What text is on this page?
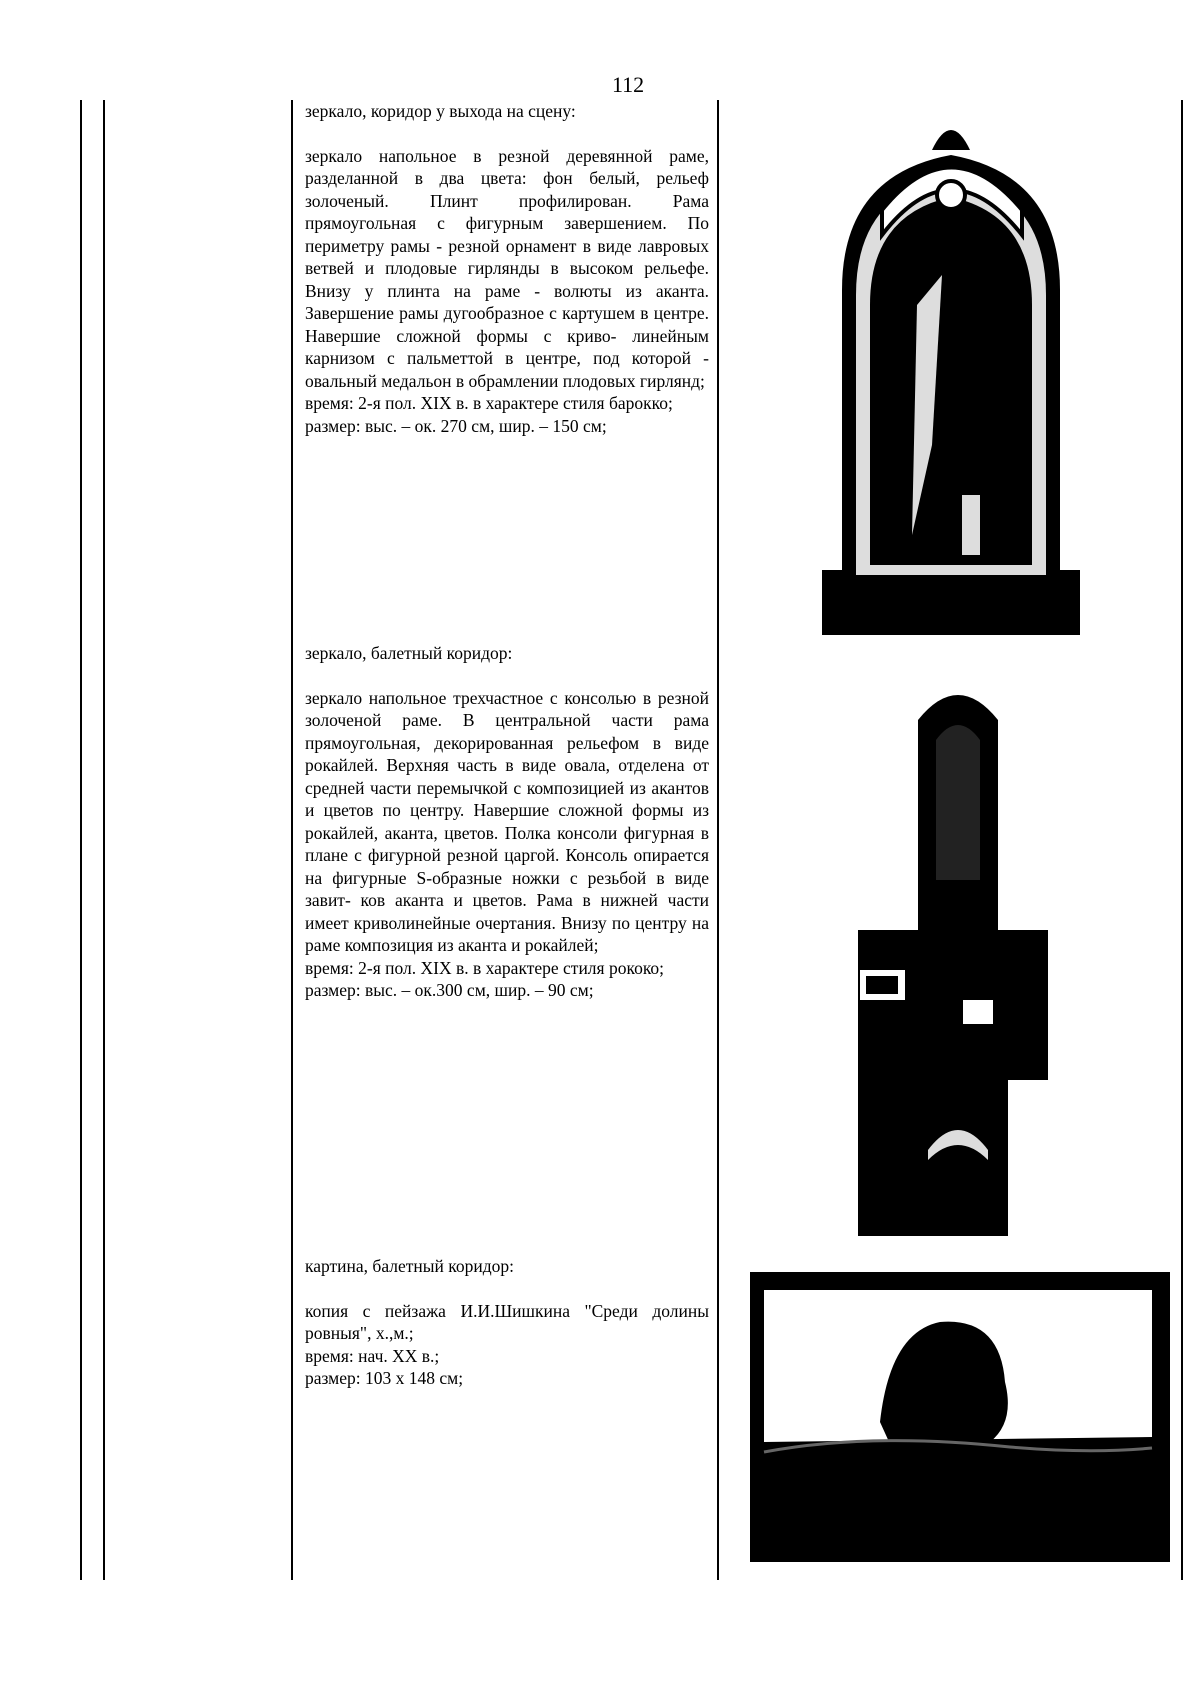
112

зеркало, коридор у выхода на сцену:

зеркало напольное в резной деревянной раме, разделанной в два цвета: фон белый, рельеф золоченый. Плинт профилирован. Рама прямоугольная с фигурным завершением. По периметру рамы - резной орнамент в виде лавровых ветвей и плодовые гирлянды в высоком рельефе. Внизу у плинта на раме - волюты из аканта. Завершение рамы дугообразное с картушем в центре. Навершие сложной формы с криво- линейным карнизом с пальметтой в центре, под которой - овальный медальон в обрамлении плодовых гирлянд;
время: 2-я пол. XIX в. в характере стиля барокко;
размер: выс. – ок. 270 см, шир. – 150 см;

зеркало, балетный коридор:

зеркало напольное трехчастное с консолью в резной золоченой раме. В центральной части рама прямоугольная, декорированная рельефом в виде рокайлей. Верхняя часть в виде овала, отделена от средней части перемычкой с композицией из акантов и цветов по центру. Навершие сложной формы из рокайлей, аканта, цветов. Полка консоли фигурная в плане с фигурной резной царгой. Консоль опирается на фигурные S-образные ножки с резьбой в виде завит- ков аканта и цветов. Рама в нижней части имеет криволинейные очертания. Внизу по центру на раме композиция из аканта и рокайлей;
время: 2-я пол. XIX в. в характере стиля рококо;
размер: выс. – ок.300 см, шир. – 90 см;

картина, балетный коридор:

копия с пейзажа И.И.Шишкина "Среди долины ровныя", х.,м.;
время: нач. XX в.;
размер: 103 х 148 см;
